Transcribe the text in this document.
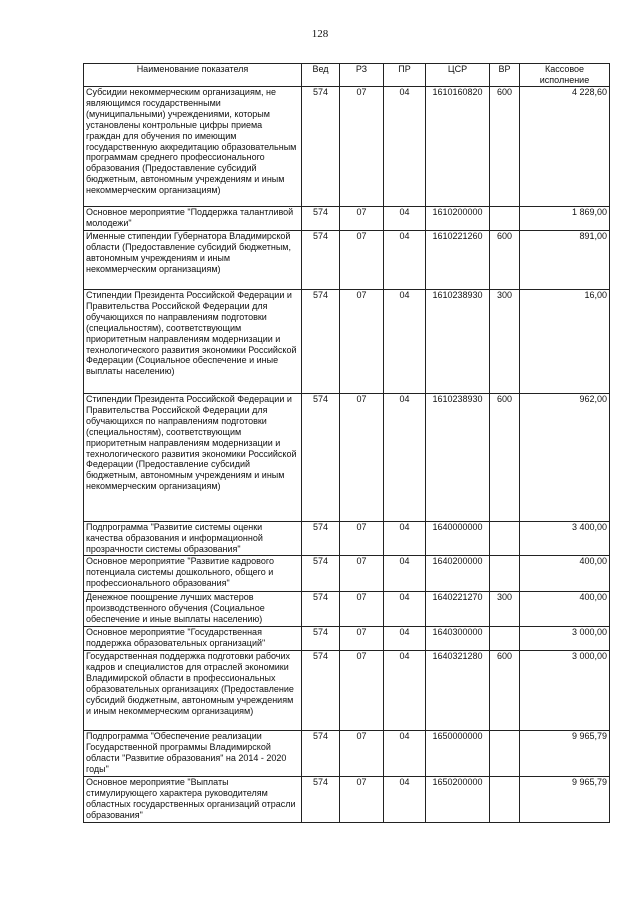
128
Наименование показателя	Вед	РЗ	ПР	ЦСР	ВР	Кассовое исполнение
Субсидии некоммерческим организациям, не являющимся государственными (муниципальными) учреждениями, которым установлены контрольные цифры приема граждан для обучения по имеющим государственную аккредитацию образовательным программам среднего профессионального образования (Предоставление субсидий бюджетным, автономным учреждениям и иным некоммерческим организациям)	574	07	04	1610160820	600	4 228,60
Основное мероприятие "Поддержка талантливой молодежи"	574	07	04	1610200000		1 869,00
Именные стипендии Губернатора Владимирской области (Предоставление субсидий бюджетным, автономным учреждениям и иным некоммерческим организациям)	574	07	04	1610221260	600	891,00
Стипендии Президента Российской Федерации и Правительства Российской Федерации для обучающихся по направлениям подготовки (специальностям), соответствующим приоритетным направлениям модернизации и технологического развития экономики Российской Федерации (Социальное обеспечение и иные выплаты населению)	574	07	04	1610238930	300	16,00
Стипендии Президента Российской Федерации и Правительства Российской Федерации для обучающихся по направлениям подготовки (специальностям), соответствующим приоритетным направлениям модернизации и технологического развития экономики Российской Федерации (Предоставление субсидий бюджетным, автономным учреждениям и иным некоммерческим организациям)	574	07	04	1610238930	600	962,00
Подпрограмма "Развитие системы оценки качества образования и информационной прозрачности системы образования"	574	07	04	1640000000		3 400,00
Основное мероприятие "Развитие кадрового потенциала системы дошкольного, общего и профессионального образования"	574	07	04	1640200000		400,00
Денежное поощрение лучших мастеров производственного обучения (Социальное обеспечение и иные выплаты населению)	574	07	04	1640221270	300	400,00
Основное мероприятие "Государственная поддержка образовательных организаций"	574	07	04	1640300000		3 000,00
Государственная поддержка подготовки рабочих кадров и специалистов для отраслей экономики Владимирской области в профессиональных образовательных организациях (Предоставление субсидий бюджетным, автономным учреждениям и иным некоммерческим организациям)	574	07	04	1640321280	600	3 000,00
Подпрограмма "Обеспечение реализации Государственной программы Владимирской области "Развитие образования" на 2014 - 2020 годы"	574	07	04	1650000000		9 965,79
Основное мероприятие "Выплаты стимулирующего характера руководителям областных государственных организаций отрасли образования"	574	07	04	1650200000		9 965,79
